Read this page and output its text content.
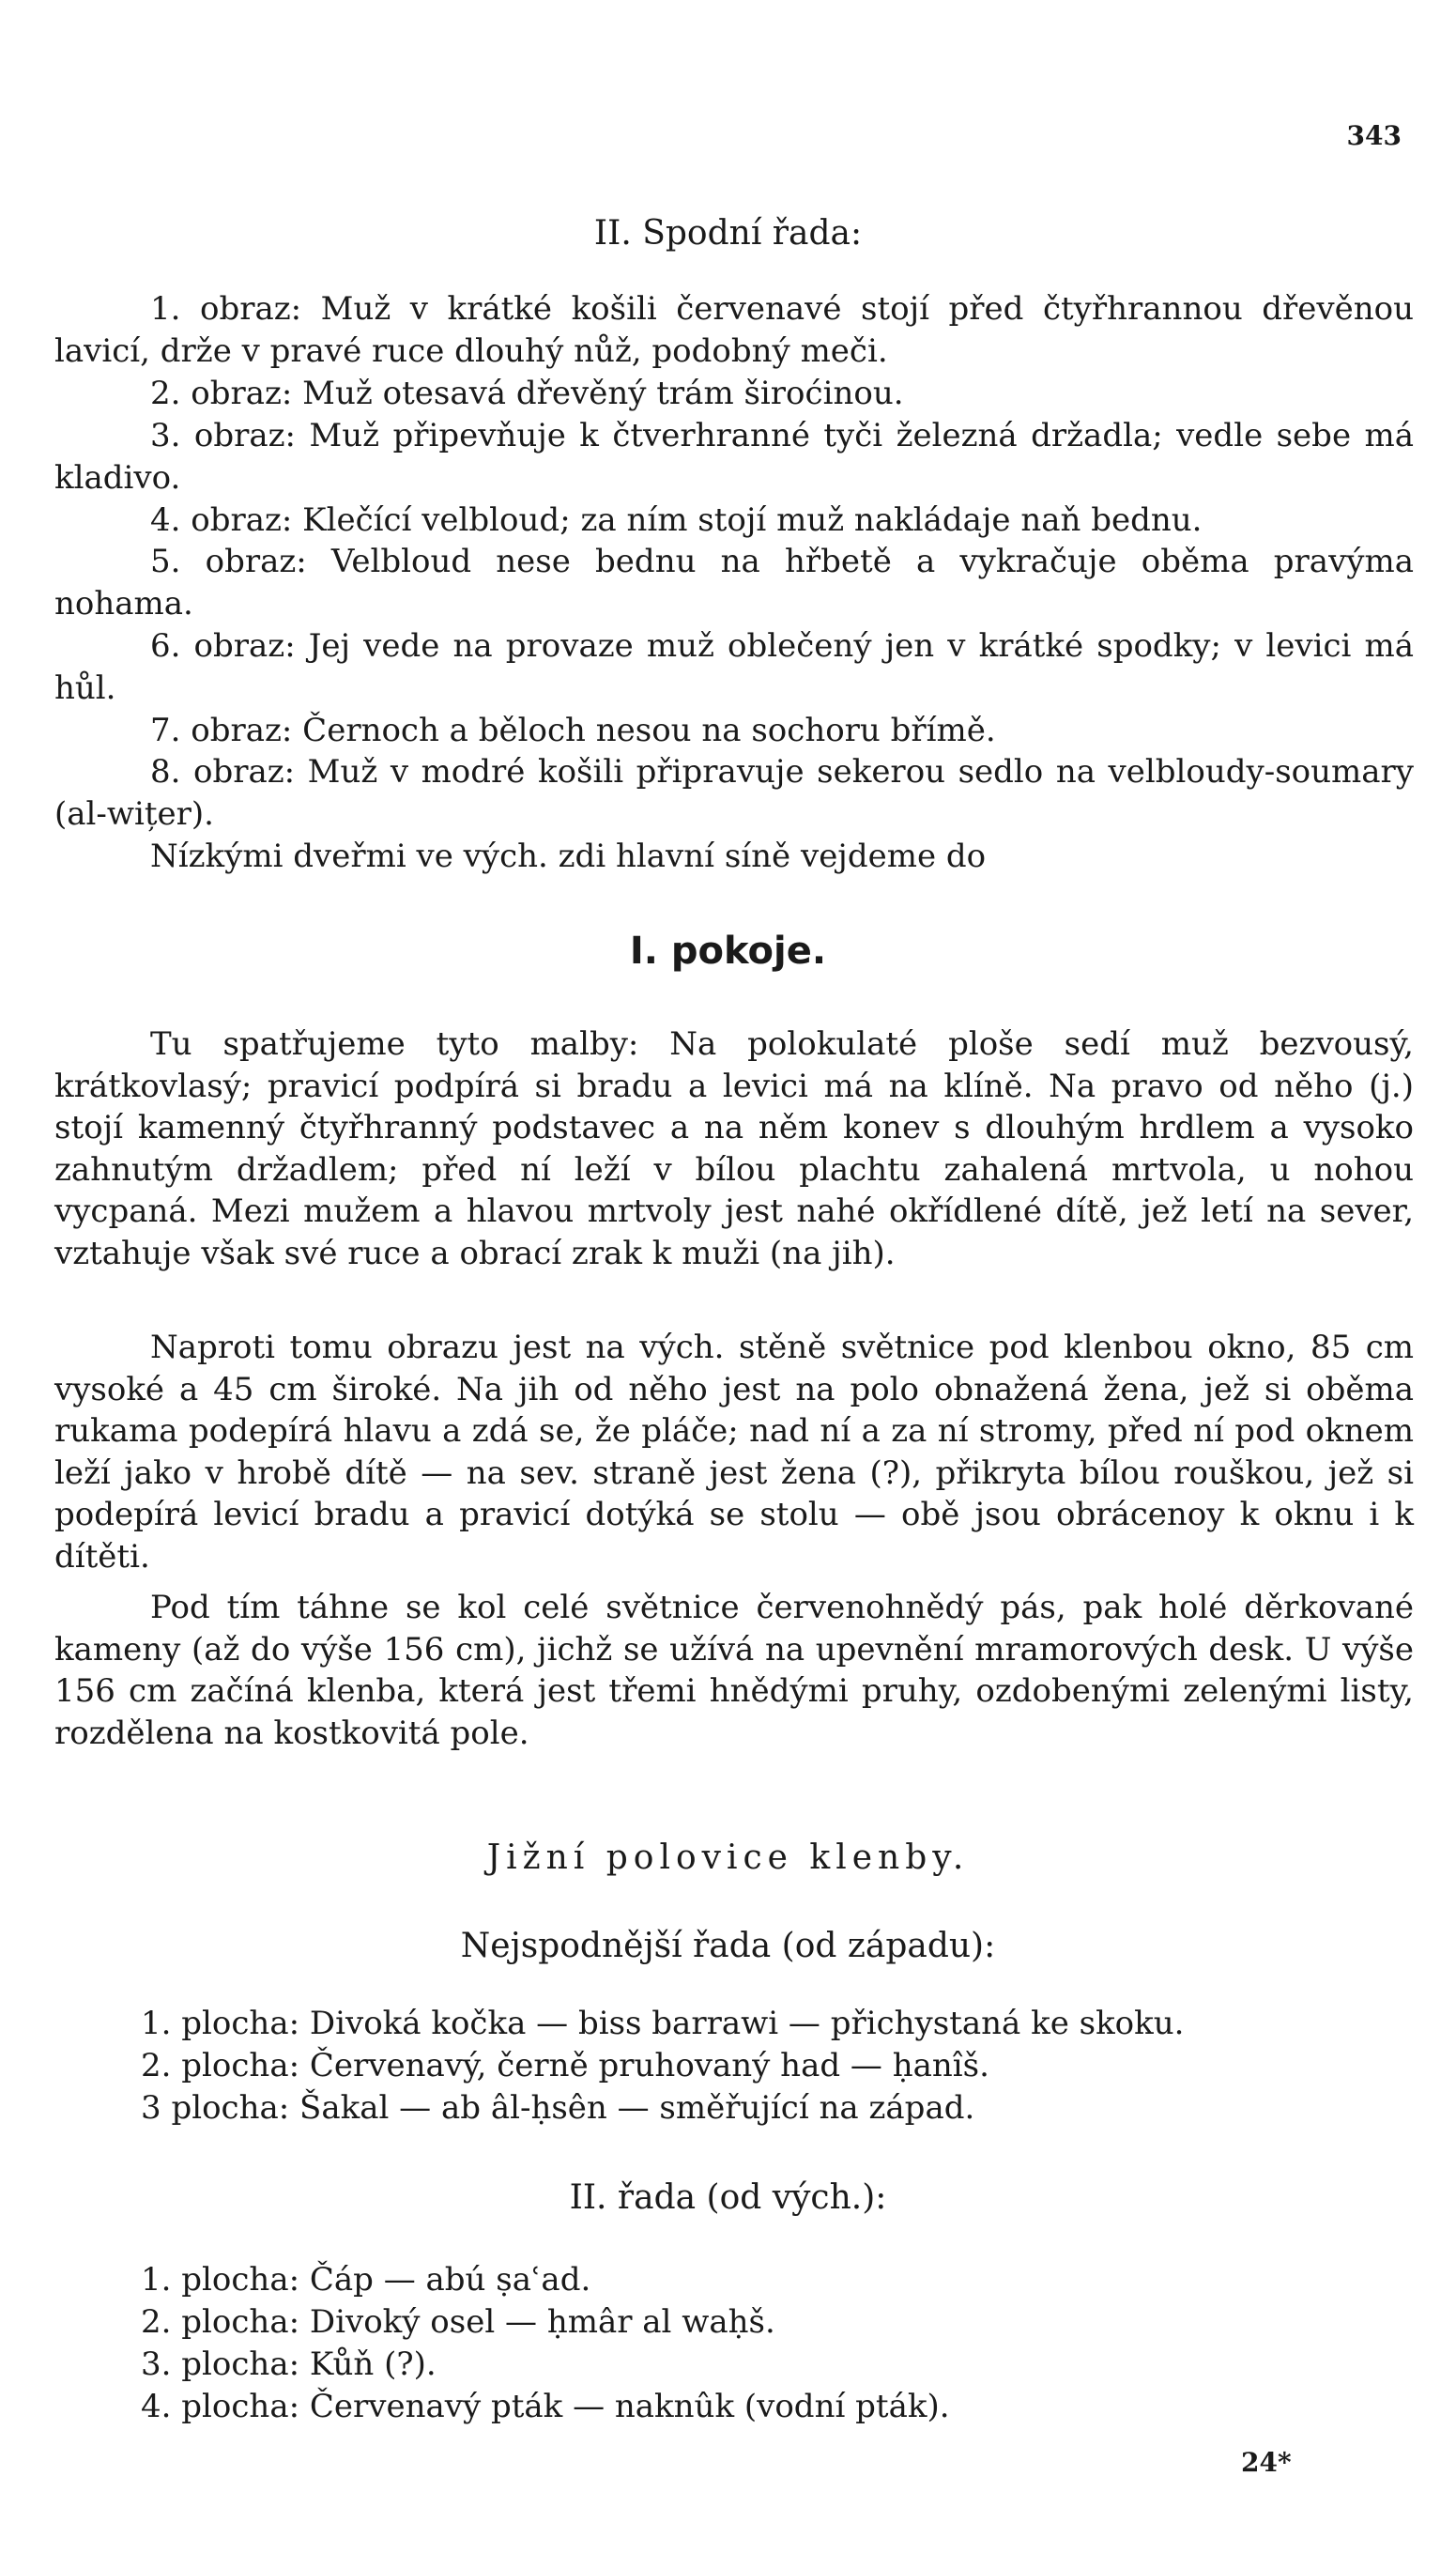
343
II. Spodní řada:
1. obraz: Muž v krátké košili červenavé stojí před čtyřhrannou dřevěnou lavicí, drže v pravé ruce dlouhý nůž, podobný meči.
2. obraz: Muž otesavá dřevěný trám široćinou.
3. obraz: Muž připevňuje k čtverhranné tyči železná držadla; vedle sebe má kladivo.
4. obraz: Klečící velbloud; za ním stojí muž nakládaje naň bednu.
5. obraz: Velbloud nese bednu na hřbetě a vykračuje oběma pravýma nohama.
6. obraz: Jej vede na provaze muž oblečený jen v krátké spodky; v levici má hůl.
7. obraz: Černoch a běloch nesou na sochoru břímě.
8. obraz: Muž v modré košili připravuje sekerou sedlo na velbloudy-soumary (al-wițer).
Nízkými dveřmi ve vých. zdi hlavní síně vejdeme do
I. pokoje.
Tu spatřujeme tyto malby: Na polokulaté ploše sedí muž bezvousý, krátkovlasý; pravicí podpírá si bradu a levici má na klíně. Na pravo od něho (j.) stojí kamenný čtyřhranný podstavec a na něm konev s dlouhým hrdlem a vysoko zahnutým držadlem; před ní leží v bílou plachtu zahalená mrtvola, u nohou vycpaná. Mezi mužem a hlavou mrtvoly jest nahé okřídlené dítě, jež letí na sever, vztahuje však své ruce a obrací zrak k muži (na jih).
Naproti tomu obrazu jest na vých. stěně světnice pod klenbou okno, 85 cm vysoké a 45 cm široké. Na jih od něho jest na polo obnažená žena, jež si oběma rukama podepírá hlavu a zdá se, že pláče; nad ní a za ní stromy, před ní pod oknem leží jako v hrobě dítě — na sev. straně jest žena (?), přikryta bílou rouškou, jež si podepírá levicí bradu a pravicí dotýká se stolu — obě jsou obrácenoy k oknu i k dítěti.
Pod tím táhne se kol celé světnice červenohnědý pás, pak holé děrkované kameny (až do výše 156 cm), jichž se užívá na upevnění mramorových desk. U výše 156 cm začíná klenba, která jest třemi hnědými pruhy, ozdobenými zelenými listy, rozdělena na kostkovitá pole.
Jižní polovice klenby.
Nejspodnější řada (od západu):
1. plocha: Divoká kočka — biss barrawi — přichystaná ke skoku.
2. plocha: Červenavý, černě pruhovaný had — ḥanîš.
3 plocha: Šakal — ab âl-ḥsên — směřující na západ.
II. řada (od vých.):
1. plocha: Čáp — abú ṣaʿad.
2. plocha: Divoký osel — ḥmâr al waḥš.
3. plocha: Kůň (?).
4. plocha: Červenavý pták — naknûk (vodní pták).
24*
